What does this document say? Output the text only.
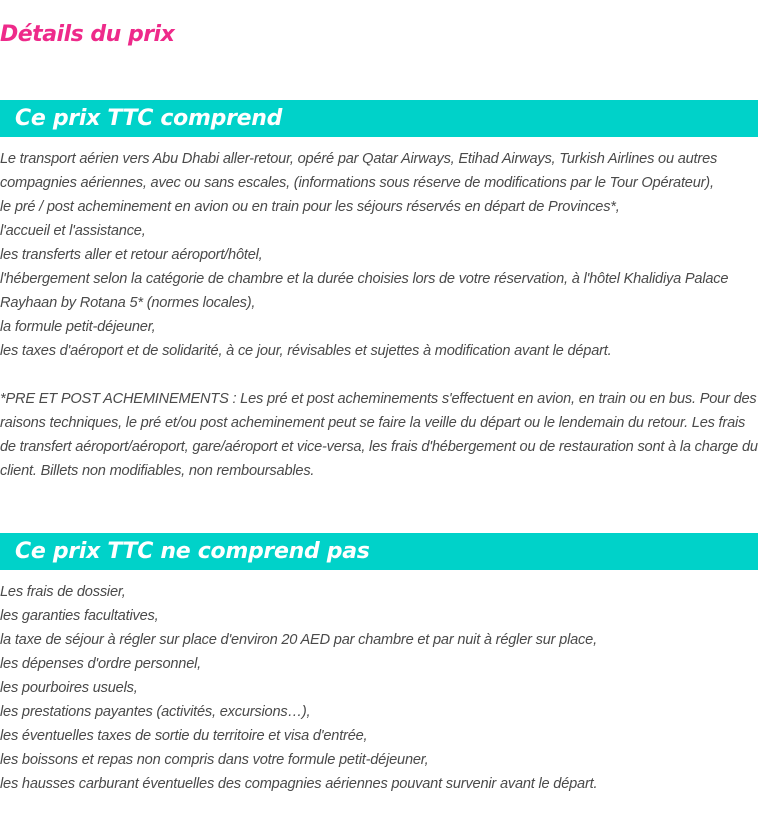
Détails du prix
Ce prix TTC comprend
Le transport aérien vers Abu Dhabi aller-retour, opéré par Qatar Airways, Etihad Airways, Turkish Airlines ou autres compagnies aériennes, avec ou sans escales, (informations sous réserve de modifications par le Tour Opérateur),
le pré / post acheminement en avion ou en train pour les séjours réservés en départ de Provinces*,
l'accueil et l'assistance,
les transferts aller et retour aéroport/hôtel,
l'hébergement selon la catégorie de chambre et la durée choisies lors de votre réservation, à l'hôtel Khalidiya Palace Rayhaan by Rotana 5* (normes locales),
la formule petit-déjeuner,
les taxes d'aéroport et de solidarité, à ce jour, révisables et sujettes à modification avant le départ.

*PRE ET POST ACHEMINEMENTS : Les pré et post acheminements s'effectuent en avion, en train ou en bus. Pour des raisons techniques, le pré et/ou post acheminement peut se faire la veille du départ ou le lendemain du retour. Les frais de transfert aéroport/aéroport, gare/aéroport et vice-versa, les frais d'hébergement ou de restauration sont à la charge du client. Billets non modifiables, non remboursables.

Ce prix TTC ne comprend pas
Les frais de dossier,
les garanties facultatives,
la taxe de séjour à régler sur place d'environ 20 AED par chambre et par nuit à régler sur place,
les dépenses d'ordre personnel,
les pourboires usuels,
les prestations payantes (activités, excursions…),
les éventuelles taxes de sortie du territoire et visa d'entrée,
les boissons et repas non compris dans votre formule petit-déjeuner,
les hausses carburant éventuelles des compagnies aériennes pouvant survenir avant le départ.
